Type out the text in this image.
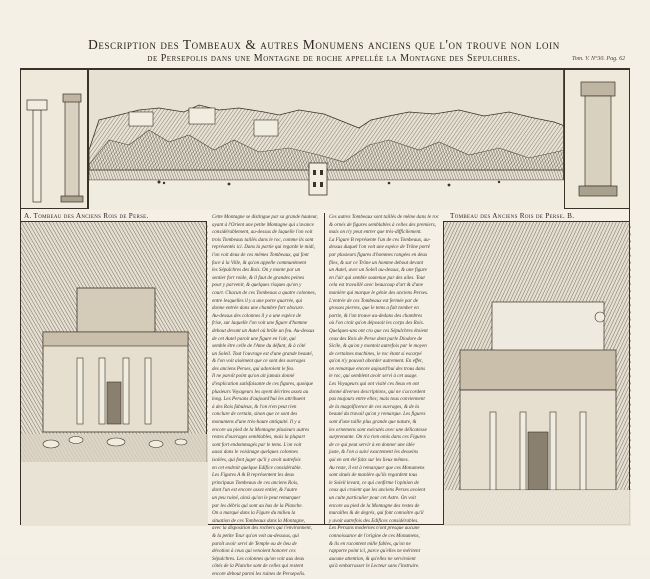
Description des Tombeaux & autres Monumens anciens que l'on trouve non loin
de Persepolis dans une Montagne de roche appellée la Montagne des Sepulchres.	Tom. V. N°30. Pag. 62
A. Tombeau des Anciens Rois de Perse.	Tombeau des Anciens Rois de Perse. B.
Cette Montagne se distingue par sa grande hauteur,
ayant à l'Orient une petite Montagne qui s'avance
considérablement, au-dessus de laquelle l'on voit
trois Tombeaux taillés dans le roc, comme ils sont
représentés ici. Dans la partie qui regarde le midi,
l'on voit deux de ces mêmes Tombeaux, qui font
face à la Ville, & qu'on appelle communément
les Sépulchres des Rois. On y monte par un
sentier fort roide, & il faut de grandes peines
pour y parvenir, & quelques risques qu'on y
court. Chacun de ces Tombeaux a quatre colonnes,
entre lesquelles il y a une porte quarrée, qui
donne entrée dans une chambre fort obscure.
Au-dessus des colonnes il y a une espèce de
frise, sur laquelle l'on voit une figure d'homme
debout devant un Autel où brûle un feu. Au-dessus
de cet Autel paroit une figure en l'air, qui
semble être celle de l'Ame du défunt, & à côté
un Soleil. Tout l'ouvrage est d'une grande beauté,
& l'on voit aisément que ce sont des ouvrages
des anciens Perses, qui adoroient le feu.
Il ne paroît point qu'on ait jamais donné
d'explication satisfaisante de ces figures, quoique
plusieurs Voyageurs les ayent décrites assez au
long. Les Persans d'aujourd'hui les attribuent
à des Rois fabuleux, & l'on n'en peut rien
conclure de certain, sinon que ce sont des
monumens d'une très-haute antiquité. Il y a
encore au pied de la Montagne plusieurs autres
restes d'ouvrages semblables, mais la plupart
sont fort endommagés par le tems. L'on voit
aussi dans le voisinage quelques colonnes
isolées, qui font juger qu'il y avoit autrefois
en cet endroit quelque Edifice considérable.
Les Figures A & B représentent les deux
principaux Tombeaux de ces anciens Rois,
dont l'un est encore assez entier, & l'autre
un peu ruiné, ainsi qu'on le peut remarquer
par les débris qui sont au bas de la Planche.
On a marqué dans la Figure du milieu la
situation de ces Tombeaux dans la Montagne,
avec la disposition des rochers qui l'environnent,
& la petite Tour qu'on voit au-dessous, qui
paroît avoir servi de Temple ou de lieu de
dévotion à ceux qui venoient honorer ces
Sépulchres. Les colonnes qu'on voit aux deux
côtés de la Planche sont de celles qui restent
encore debout parmi les ruines de Persepolis.
Ces autres Tombeaux sont taillés de même dans le roc
& ornés de figures semblables à celles des premiers,
mais on n'y peut entrer que très-difficilement.
La Figure B représente l'un de ces Tombeaux, au-
dessus duquel l'on voit une espèce de Trône porté
par plusieurs figures d'hommes rangées en deux
files, & sur ce Trône un homme debout devant
un Autel, avec un Soleil au-dessus, & une figure
en l'air qui semble soutenue par des ailes. Tout
cela est travaillé avec beaucoup d'art & d'une
manière qui marque le génie des anciens Perses.
L'entrée de ces Tombeaux est fermée par de
grosses pierres, que le tems a fait tomber en
partie, & l'on trouve au-dedans des chambres
où l'on croit qu'on déposoit les corps des Rois.
Quelques-uns ont cru que ces Sépulchres étoient
ceux des Rois de Perse dont parle Diodore de
Sicile, & qu'on y montoit autrefois par le moyen
de certaines machines, le roc étant si escarpé
qu'on n'y pouvoit aborder autrement. En effet,
on remarque encore aujourd'hui des trous dans
le roc, qui semblent avoir servi à cet usage.
Les Voyageurs qui ont visité ces lieux en ont
donné diverses descriptions, qui ne s'accordent
pas toujours entre elles; mais tous conviennent
de la magnificence de ces ouvrages, & de la
beauté du travail qu'on y remarque. Les figures
sont d'une taille plus grande que nature, &
les ornemens sont exécutés avec une délicatesse
surprenante. On n'a rien omis dans ces Figures
de ce qui peut servir à en donner une idée
juste, & l'on a suivi exactement les desseins
qui en ont été faits sur les lieux mêmes.
Au reste, il est à remarquer que ces Monumens
sont situés de manière qu'ils regardent tous
le Soleil levant, ce qui confirme l'opinion de
ceux qui croient que les anciens Perses avoient
un culte particulier pour cet Astre. On voit
encore au pied de la Montagne des restes de
murailles & de degrés, qui font connoître qu'il
y avoit autrefois des Edifices considérables.
Les Persans modernes n'ont presque aucune
connoissance de l'origine de ces Monumens,
& ils en racontent mille fables, qu'on ne
rapporte point ici, parce qu'elles ne méritent
aucune attention, & qu'elles ne serviroient
qu'à embarrasser le Lecteur sans l'instruire.
